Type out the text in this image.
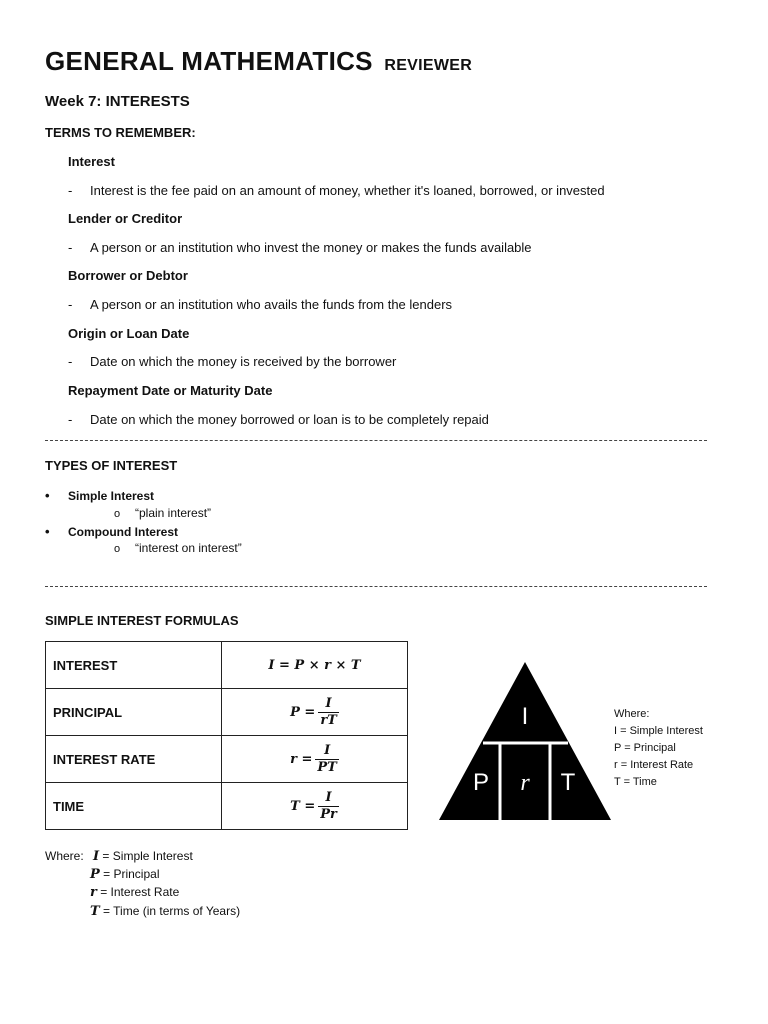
GENERAL MATHEMATICS REVIEWER
Week 7: INTERESTS
TERMS TO REMEMBER:
Interest
- Interest is the fee paid on an amount of money, whether it's loaned, borrowed, or invested
Lender or Creditor
- A person or an institution who invest the money or makes the funds available
Borrower or Debtor
- A person or an institution who avails the funds from the lenders
Origin or Loan Date
- Date on which the money is received by the borrower
Repayment Date or Maturity Date
- Date on which the money borrowed or loan is to be completely repaid
TYPES OF INTEREST
• Simple Interest
o “plain interest”
• Compound Interest
o “interest on interest”
SIMPLE INTEREST FORMULAS
INTEREST	I = P × r × T
PRINCIPAL	$P = \frac{I}{rT}$

INTEREST RATE	$r = \frac{I}{PT}$

TIME	$T = \frac{I}{Pr}$
I
P r T
Where:
I = Simple Interest
P = Principal
r = Interest Rate
T = Time
Where: I = Simple Interest
P = Principal
r = Interest Rate
T = Time (in terms of Years)
